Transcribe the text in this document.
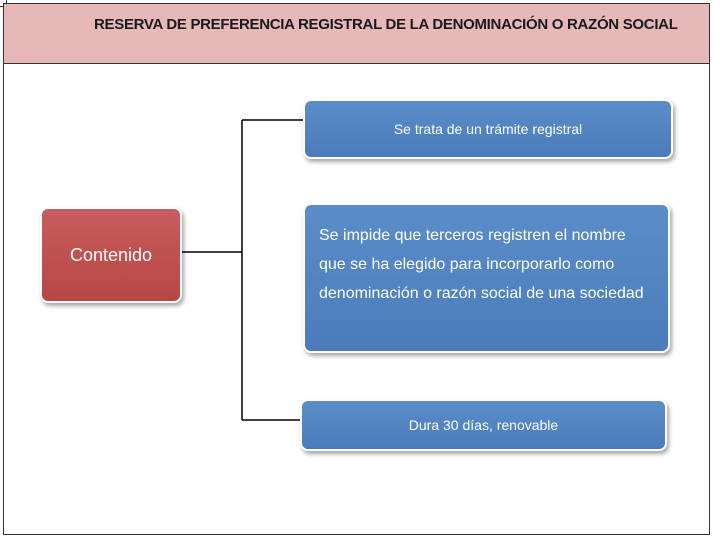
RESERVA DE PREFERENCIA REGISTRAL DE LA DENOMINACIÓN O RAZÓN SOCIAL
Contenido
Se trata de un trámite registral
Se impide que terceros registren el nombre que se ha elegido para incorporarlo como denominación o razón social de una sociedad
Dura 30 días, renovable
